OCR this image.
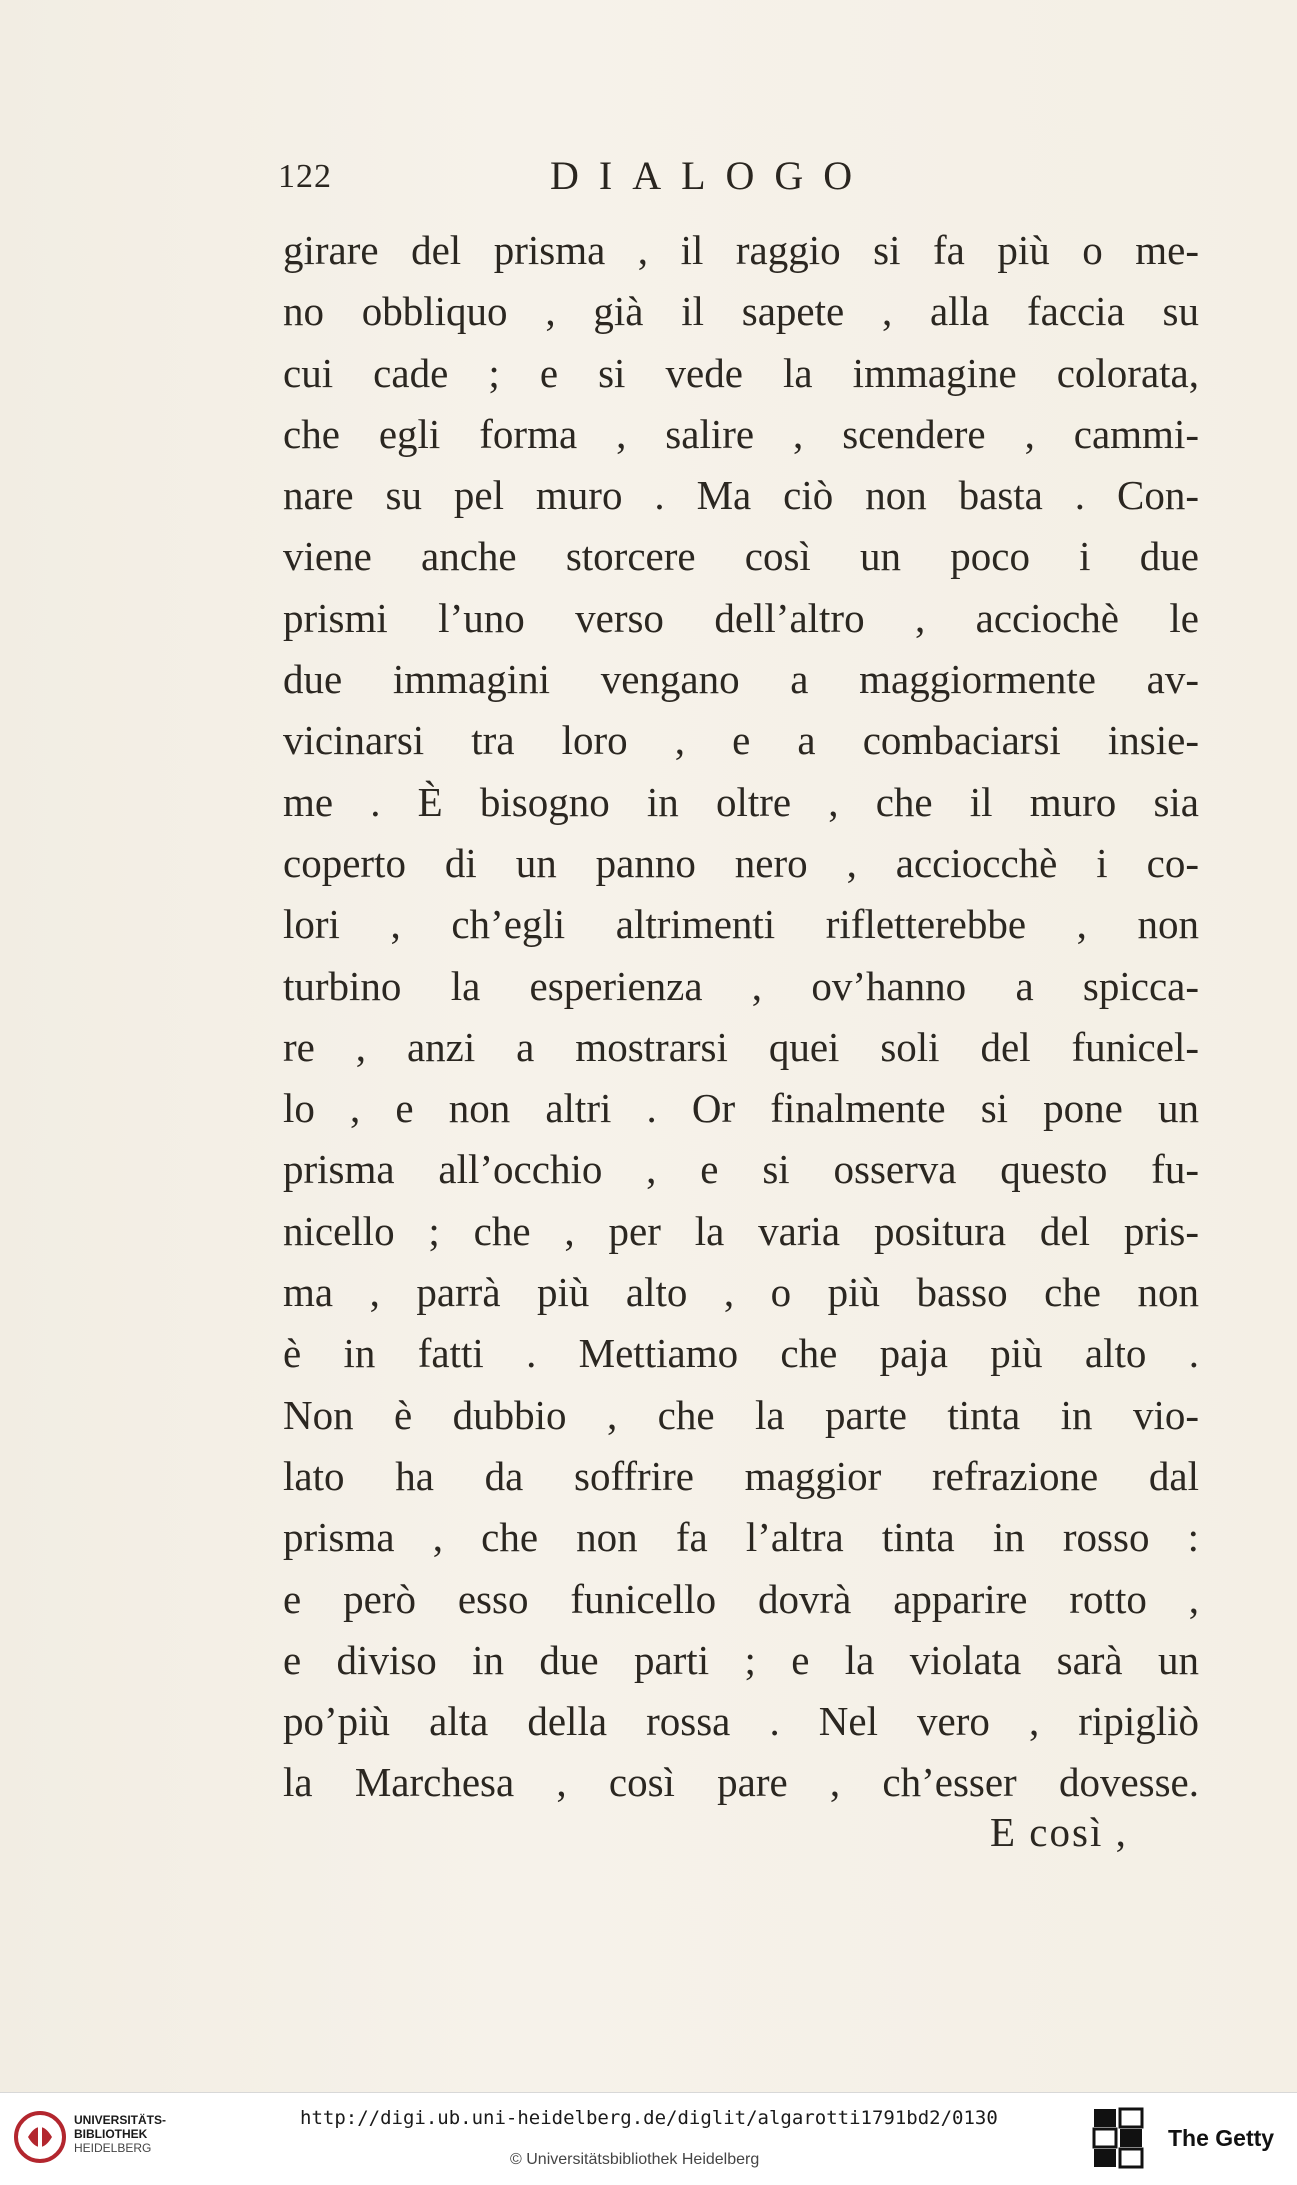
122	DIALOGO
girare del prisma , il raggio si fa più o me-
no obbliquo , già il sapete , alla faccia su
cui cade ; e si vede la immagine colorata,
che egli forma , salire , scendere , cammi-
nare su pel muro . Ma ciò non basta . Con-
viene anche storcere così un poco i due
prismi l’uno verso dell’altro , acciochè le
due immagini vengano a maggiormente av-
vicinarsi tra loro , e a combaciarsi insie-
me . È bisogno in oltre , che il muro sia
coperto di un panno nero , acciocchè i co-
lori , ch’egli altrimenti rifletterebbe , non
turbino la esperienza , ov’hanno a spicca-
re , anzi a mostrarsi quei soli del funicel-
lo , e non altri . Or finalmente si pone un
prisma all’occhio , e si osserva questo fu-
nicello ; che , per la varia positura del pris-
ma , parrà più alto , o più basso che non
è in fatti . Mettiamo che paja più alto .
Non è dubbio , che la parte tinta in vio-
lato ha da soffrire maggior refrazione dal
prisma , che non fa l’altra tinta in rosso :
e però esso funicello dovrà apparire rotto ,
e diviso in due parti ; e la violata sarà un
po’più alta della rossa . Nel vero , ripigliò
la Marchesa , così pare , ch’esser dovesse.
E così ,
UNIVERSITÄTS-
BIBLIOTHEK
HEIDELBERG
http://digi.ub.uni-heidelberg.de/diglit/algarotti1791bd2/0130
© Universitätsbibliothek Heidelberg
The Getty
